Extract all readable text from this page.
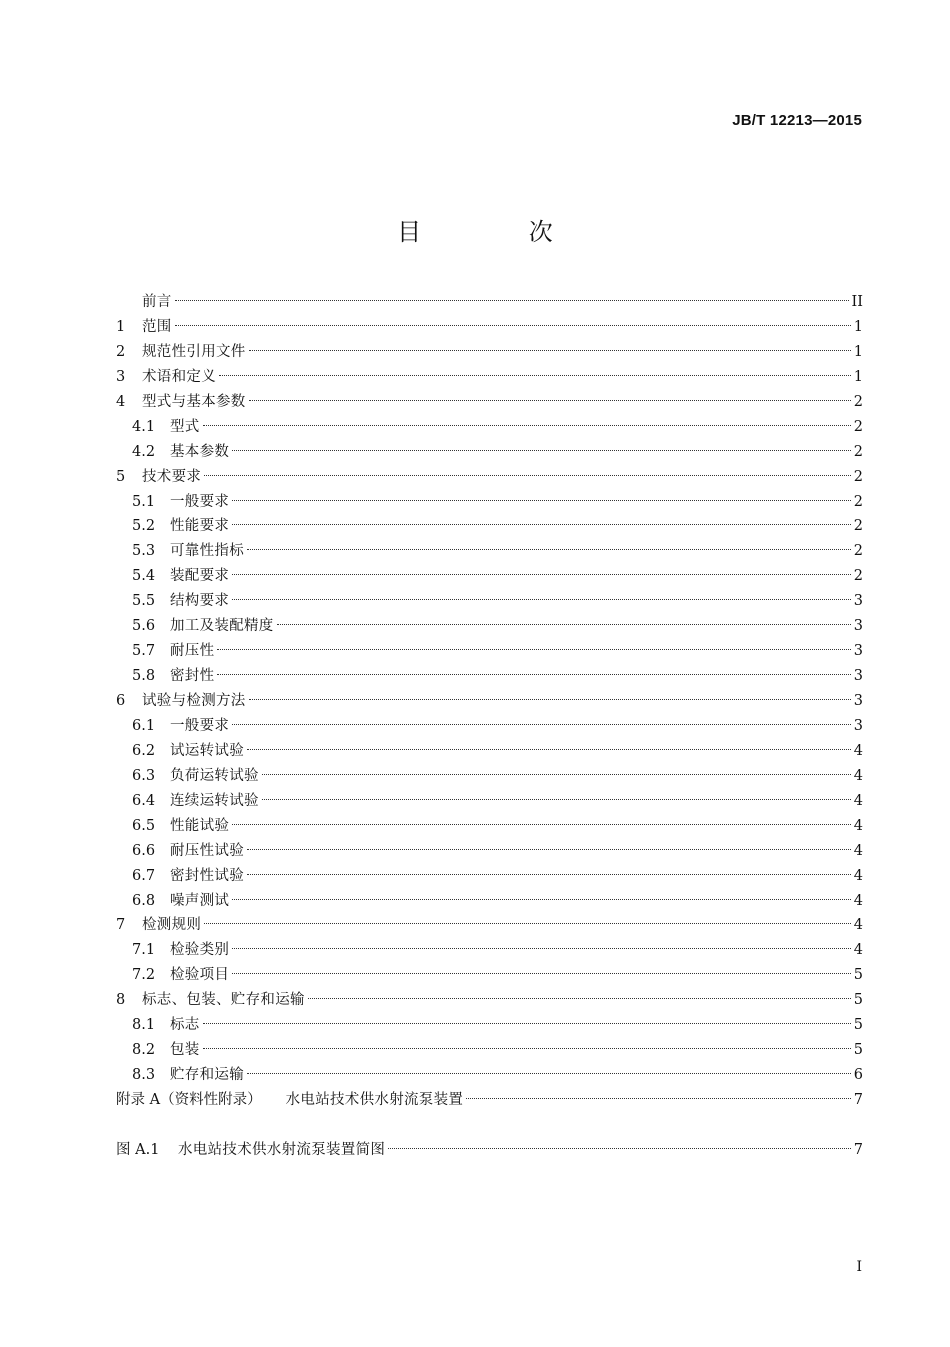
JB/T 12213—2015
目 次
前言	II
1	范围	1
2	规范性引用文件	1
3	术语和定义	1
4	型式与基本参数	2
4.1	型式	2
4.2	基本参数	2
5	技术要求	2
5.1	一般要求	2
5.2	性能要求	2
5.3	可靠性指标	2
5.4	装配要求	2
5.5	结构要求	3
5.6	加工及装配精度	3
5.7	耐压性	3
5.8	密封性	3
6	试验与检测方法	3
6.1	一般要求	3
6.2	试运转试验	4
6.3	负荷运转试验	4
6.4	连续运转试验	4
6.5	性能试验	4
6.6	耐压性试验	4
6.7	密封性试验	4
6.8	噪声测试	4
7	检测规则	4
7.1	检验类别	4
7.2	检验项目	5
8	标志、包装、贮存和运输	5
8.1	标志	5
8.2	包装	5
8.3	贮存和运输	6
附录 A（资料性附录） 水电站技术供水射流泵装置	7
图 A.1	水电站技术供水射流泵装置简图	7
I
